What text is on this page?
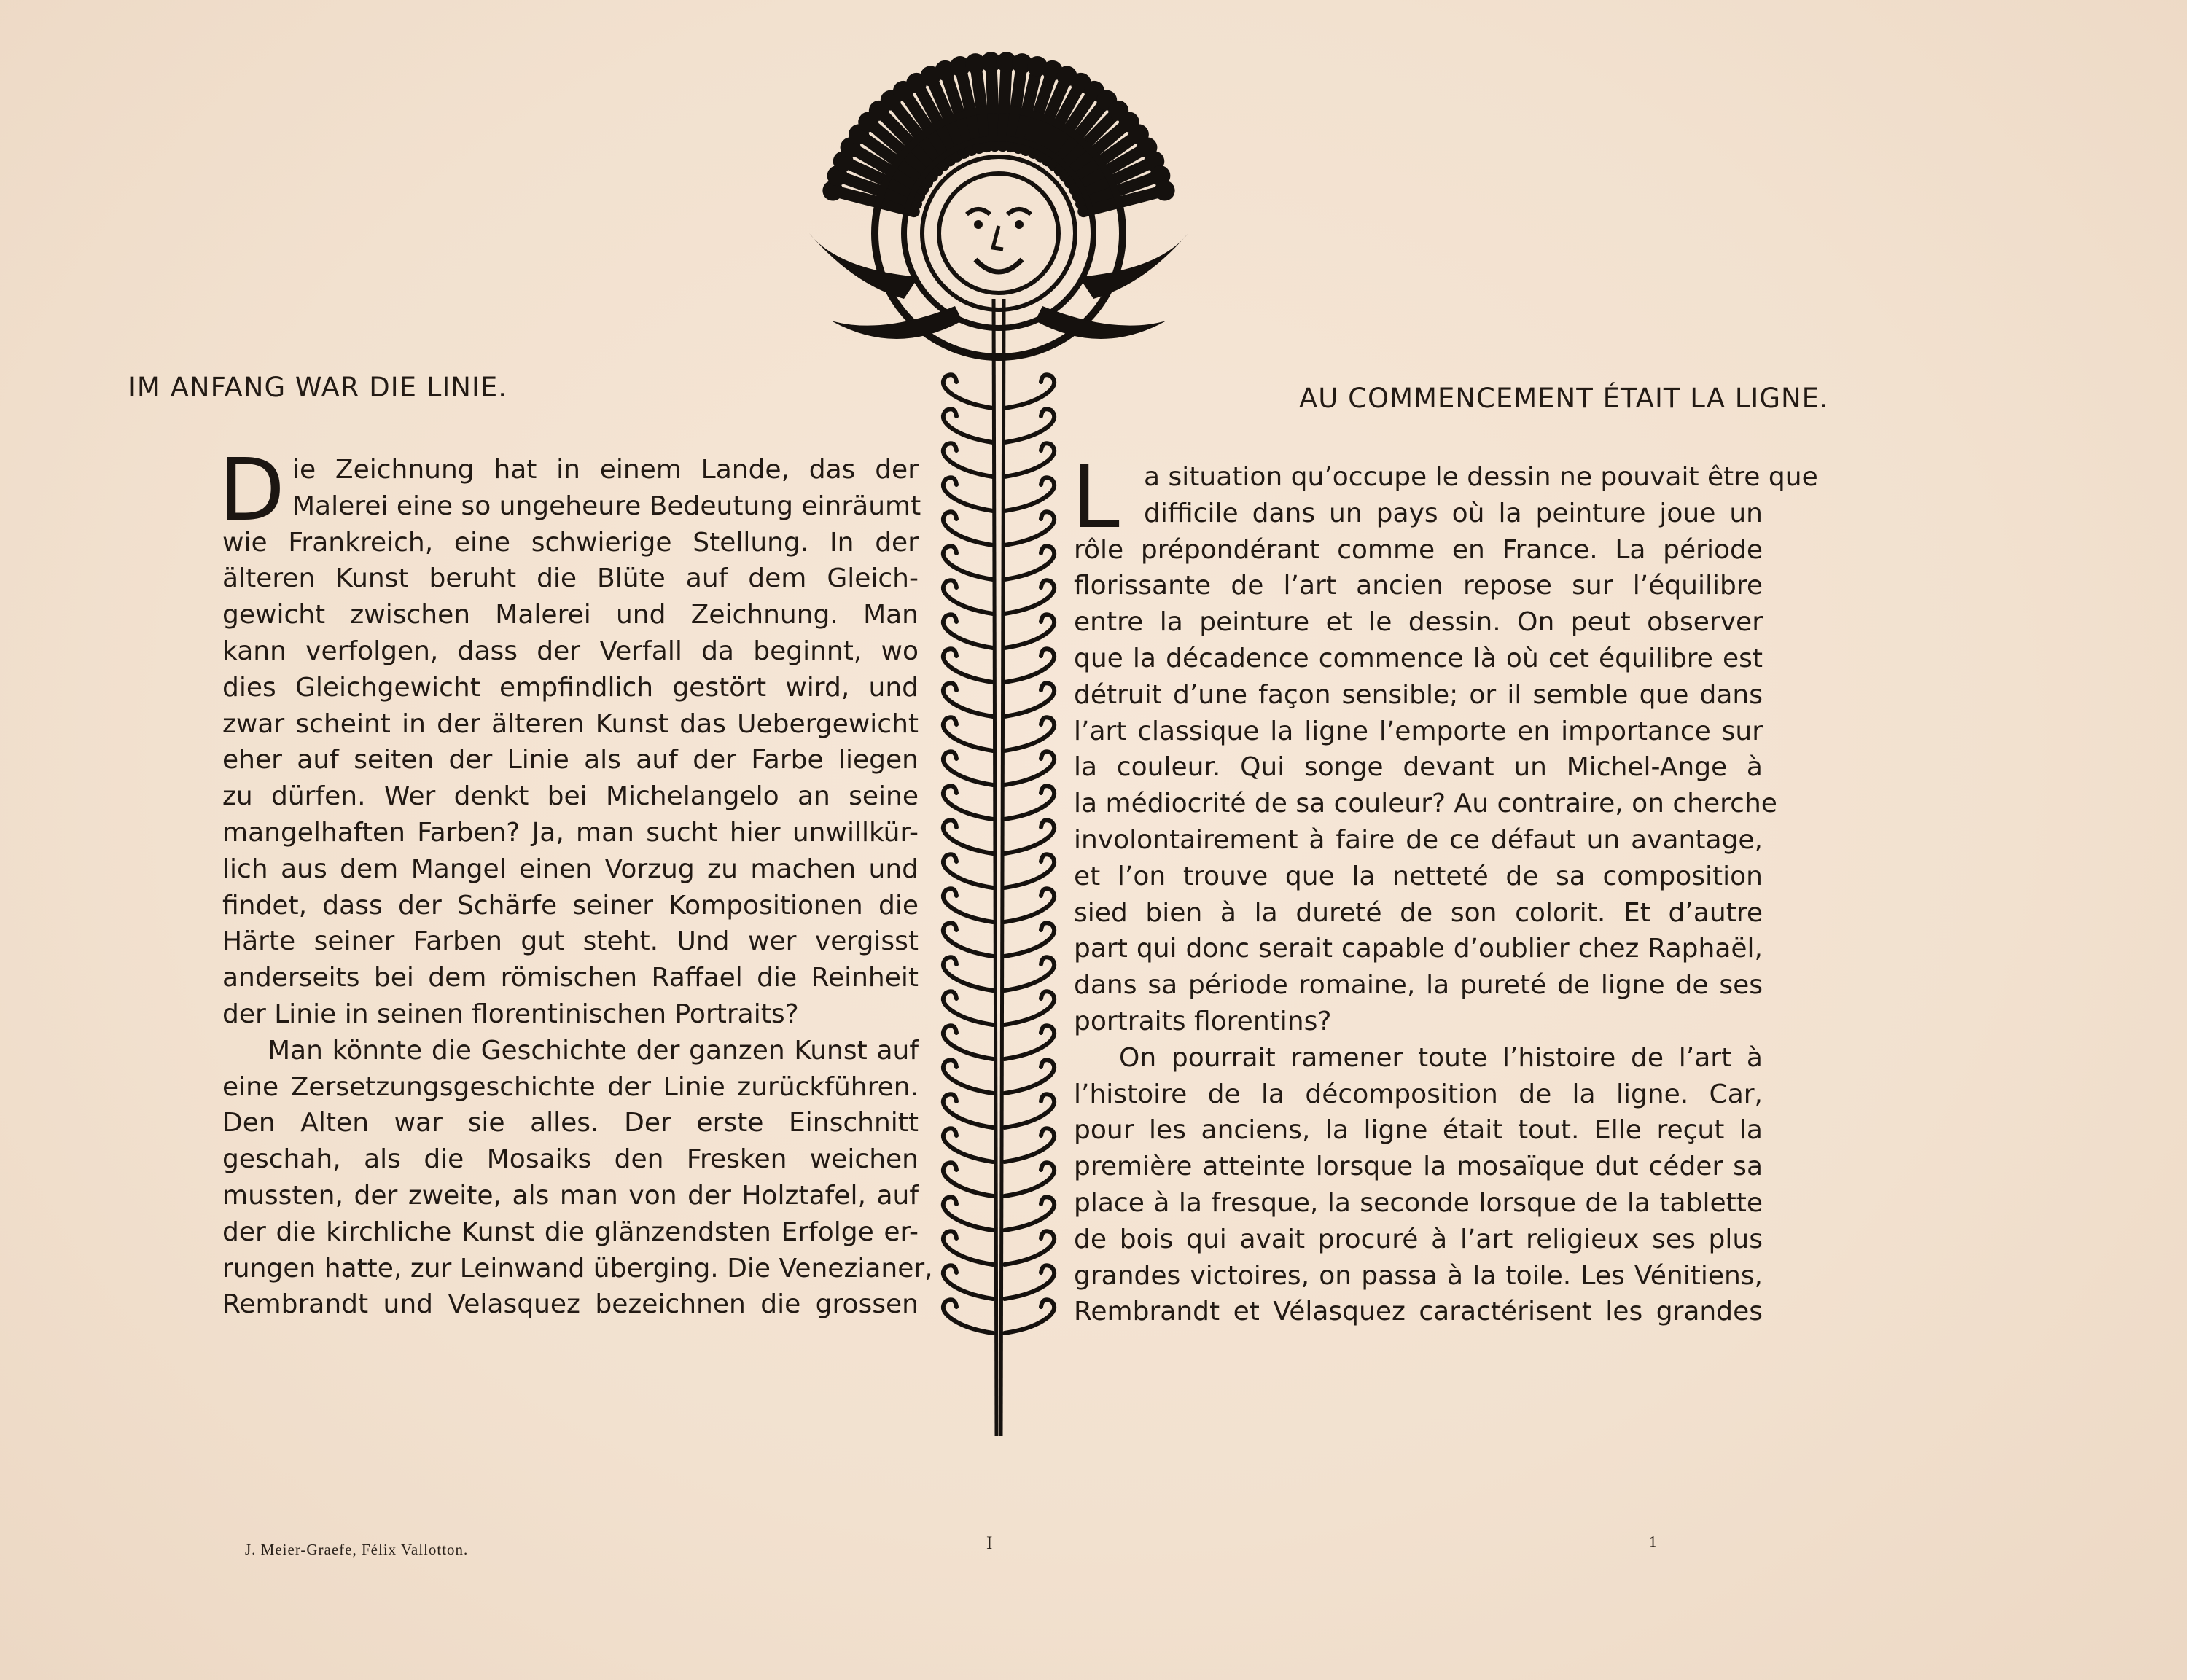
IM ANFANG WAR DIE LINIE.	AU COMMENCEMENT ÉTAIT LA LIGNE.
D ie Zeichnung hat in einem Lande, das der
Malerei eine so ungeheure Bedeutung einräumt
wie Frankreich, eine schwierige Stellung. In der
älteren Kunst beruht die Blüte auf dem Gleich-
gewicht zwischen Malerei und Zeichnung. Man
kann verfolgen, dass der Verfall da beginnt, wo
dies Gleichgewicht empfindlich gestört wird, und
zwar scheint in der älteren Kunst das Uebergewicht
eher auf seiten der Linie als auf der Farbe liegen
zu dürfen. Wer denkt bei Michelangelo an seine
mangelhaften Farben? Ja, man sucht hier unwillkür-
lich aus dem Mangel einen Vorzug zu machen und
findet, dass der Schärfe seiner Kompositionen die
Härte seiner Farben gut steht. Und wer vergisst
anderseits bei dem römischen Raffael die Reinheit
der Linie in seinen florentinischen Portraits?
Man könnte die Geschichte der ganzen Kunst auf
eine Zersetzungsgeschichte der Linie zurückführen.
Den Alten war sie alles. Der erste Einschnitt
geschah, als die Mosaiks den Fresken weichen
mussten, der zweite, als man von der Holztafel, auf
der die kirchliche Kunst die glänzendsten Erfolge er-
rungen hatte, zur Leinwand überging. Die Venezianer,
Rembrandt und Velasquez bezeichnen die grossen
L a situation qu’occupe le dessin ne pouvait être que
difficile dans un pays où la peinture joue un
rôle prépondérant comme en France. La période
florissante de l’art ancien repose sur l’équilibre
entre la peinture et le dessin. On peut observer
que la décadence commence là où cet équilibre est
détruit d’une façon sensible; or il semble que dans
l’art classique la ligne l’emporte en importance sur
la couleur. Qui songe devant un Michel-Ange à
la médiocrité de sa couleur? Au contraire, on cherche
involontairement à faire de ce défaut un avantage,
et l’on trouve que la netteté de sa composition
sied bien à la dureté de son colorit. Et d’autre
part qui donc serait capable d’oublier chez Raphaël,
dans sa période romaine, la pureté de ligne de ses
portraits florentins?
On pourrait ramener toute l’histoire de l’art à
l’histoire de la décomposition de la ligne. Car,
pour les anciens, la ligne était tout. Elle reçut la
première atteinte lorsque la mosaïque dut céder sa
place à la fresque, la seconde lorsque de la tablette
de bois qui avait procuré à l’art religieux ses plus
grandes victoires, on passa à la toile. Les Vénitiens,
Rembrandt et Vélasquez caractérisent les grandes
J. Meier-Graefe, Félix Vallotton.	I	1
